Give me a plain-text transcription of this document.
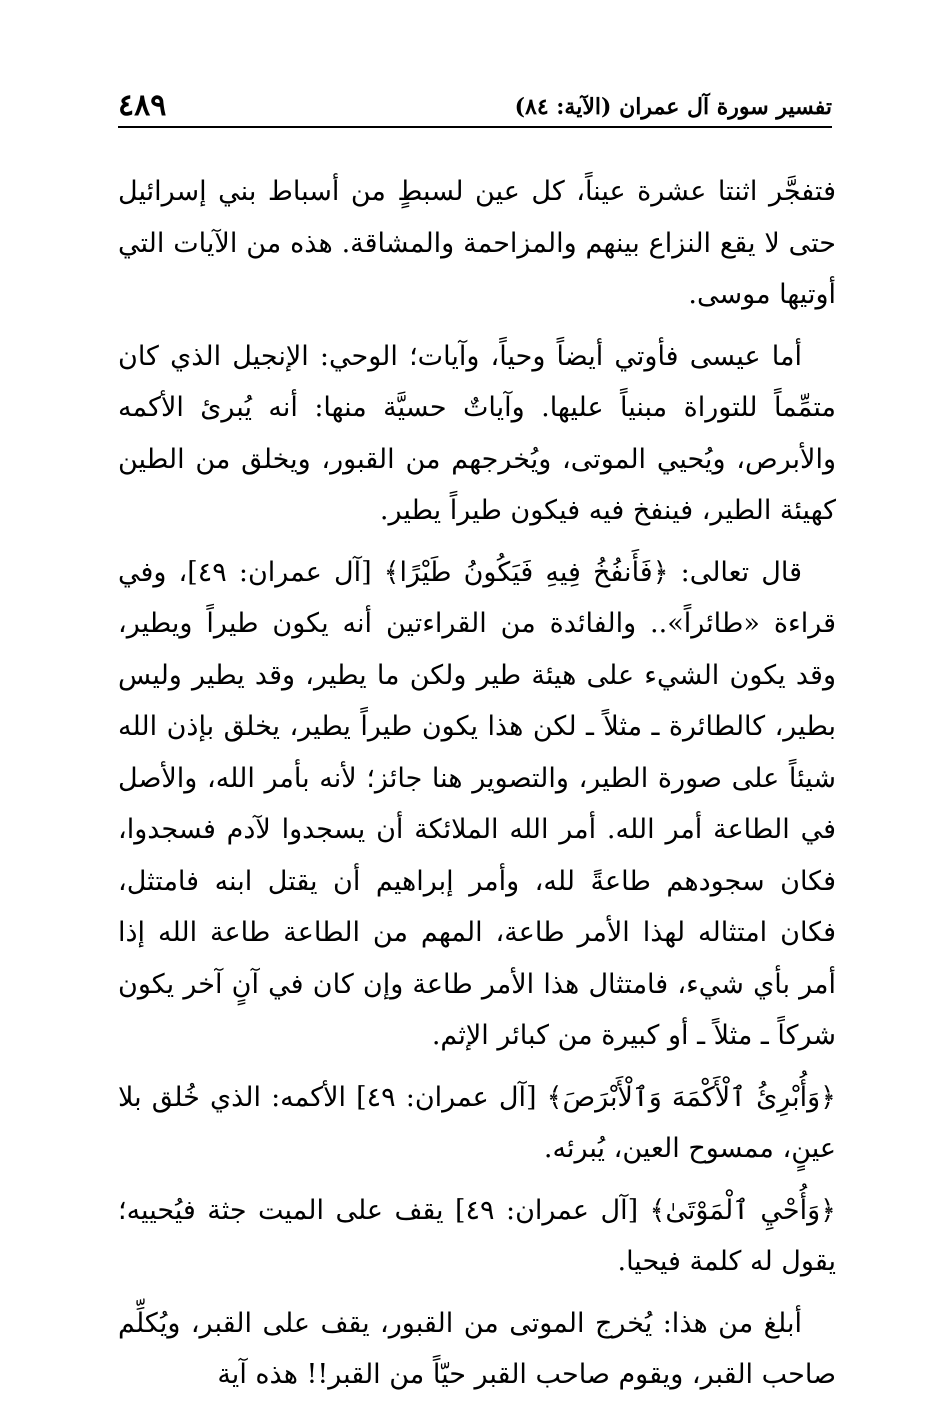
٤٨٩	تفسير سورة آل عمران (الآية: ٨٤)

فتفجَّر اثنتا عشرة عيناً، كل عين لسبطٍ من أسباط بني إسرائيل حتى لا يقع النزاع بينهم والمزاحمة والمشاقة. هذه من الآيات التي أوتيها موسى.

أما عيسى فأوتي أيضاً وحياً، وآيات؛ الوحي: الإنجيل الذي كان متمِّماً للتوراة مبنياً عليها. وآياتٌ حسيَّة منها: أنه يُبرئ الأكمه والأبرص، ويُحيي الموتى، ويُخرجهم من القبور، ويخلق من الطين كهيئة الطير، فينفخ فيه فيكون طيراً يطير.

قال تعالى: ﴿فَأَنفُخُ فِيهِ فَيَكُونُ طَيْرًا﴾ [آل عمران: ٤٩]، وفي قراءة «طائراً».. والفائدة من القراءتين أنه يكون طيراً ويطير، وقد يكون الشيء على هيئة طير ولكن ما يطير، وقد يطير وليس بطير، كالطائرة ـ مثلاً ـ لكن هذا يكون طيراً يطير، يخلق بإذن الله شيئاً على صورة الطير، والتصوير هنا جائز؛ لأنه بأمر الله، والأصل في الطاعة أمر الله. أمر الله الملائكة أن يسجدوا لآدم فسجدوا، فكان سجودهم طاعةً لله، وأمر إبراهيم أن يقتل ابنه فامتثل، فكان امتثاله لهذا الأمر طاعة، المهم من الطاعة طاعة الله إذا أمر بأي شيء، فامتثال هذا الأمر طاعة وإن كان في آنٍ آخر يكون شركاً ـ مثلاً ـ أو كبيرة من كبائر الإثم.

﴿وَأُبْرِئُ ٱلْأَكْمَهَ وَٱلْأَبْرَصَ﴾ [آل عمران: ٤٩] الأكمه: الذي خُلق بلا عينٍ، ممسوح العين، يُبرئه.

﴿وَأُحْيِ ٱلْمَوْتَىٰ﴾ [آل عمران: ٤٩] يقف على الميت جثة فيُحييه؛ يقول له كلمة فيحيا.

أبلغ من هذا: يُخرج الموتى من القبور، يقف على القبر، ويُكلِّم صاحب القبر، ويقوم صاحب القبر حيّاً من القبر!! هذه آية
